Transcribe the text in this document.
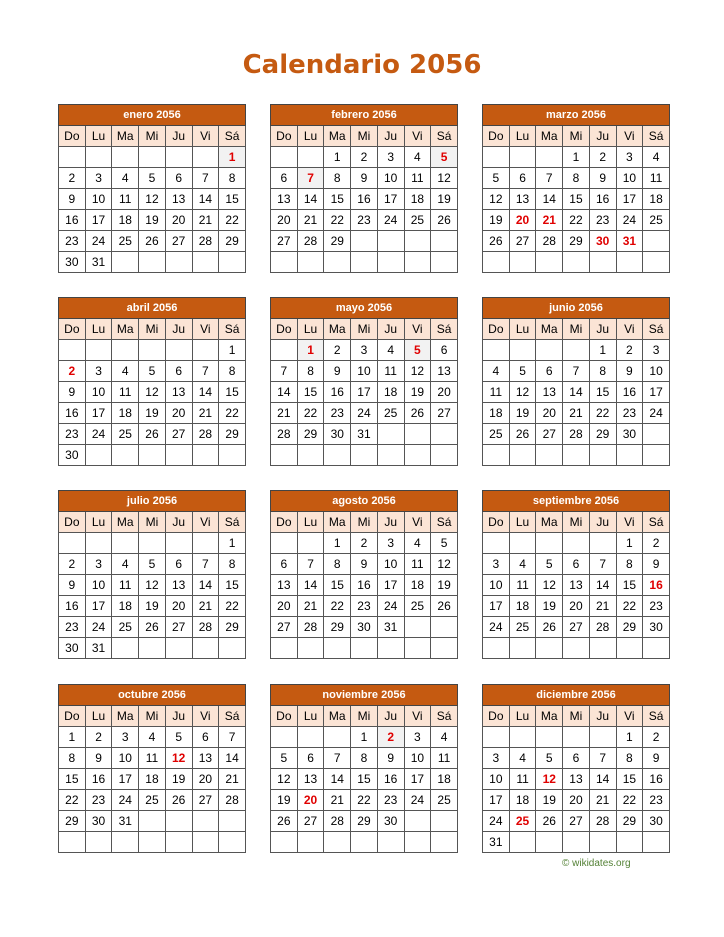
Calendario 2056
enero 2056						
Do	Lu	Ma	Mi	Ju	Vi	Sá
						1
2	3	4	5	6	7	8
9	10	11	12	13	14	15
16	17	18	19	20	21	22
23	24	25	26	27	28	29
30	31					
febrero 2056						
Do	Lu	Ma	Mi	Ju	Vi	Sá
		1	2	3	4	5
6	7	8	9	10	11	12
13	14	15	16	17	18	19
20	21	22	23	24	25	26
27	28	29				

marzo 2056						
Do	Lu	Ma	Mi	Ju	Vi	Sá
			1	2	3	4
5	6	7	8	9	10	11
12	13	14	15	16	17	18
19	20	21	22	23	24	25
26	27	28	29	30	31	

abril 2056						
Do	Lu	Ma	Mi	Ju	Vi	Sá
						1
2	3	4	5	6	7	8
9	10	11	12	13	14	15
16	17	18	19	20	21	22
23	24	25	26	27	28	29
30						
mayo 2056						
Do	Lu	Ma	Mi	Ju	Vi	Sá
	1	2	3	4	5	6
7	8	9	10	11	12	13
14	15	16	17	18	19	20
21	22	23	24	25	26	27
28	29	30	31			

junio 2056						
Do	Lu	Ma	Mi	Ju	Vi	Sá
				1	2	3
4	5	6	7	8	9	10
11	12	13	14	15	16	17
18	19	20	21	22	23	24
25	26	27	28	29	30	

julio 2056						
Do	Lu	Ma	Mi	Ju	Vi	Sá
						1
2	3	4	5	6	7	8
9	10	11	12	13	14	15
16	17	18	19	20	21	22
23	24	25	26	27	28	29
30	31					
agosto 2056						
Do	Lu	Ma	Mi	Ju	Vi	Sá
		1	2	3	4	5
6	7	8	9	10	11	12
13	14	15	16	17	18	19
20	21	22	23	24	25	26
27	28	29	30	31		

septiembre 2056						
Do	Lu	Ma	Mi	Ju	Vi	Sá
					1	2
3	4	5	6	7	8	9
10	11	12	13	14	15	16
17	18	19	20	21	22	23
24	25	26	27	28	29	30

octubre 2056						
Do	Lu	Ma	Mi	Ju	Vi	Sá
1	2	3	4	5	6	7
8	9	10	11	12	13	14
15	16	17	18	19	20	21
22	23	24	25	26	27	28
29	30	31				

noviembre 2056						
Do	Lu	Ma	Mi	Ju	Vi	Sá
			1	2	3	4
5	6	7	8	9	10	11
12	13	14	15	16	17	18
19	20	21	22	23	24	25
26	27	28	29	30		

diciembre 2056						
Do	Lu	Ma	Mi	Ju	Vi	Sá
					1	2
3	4	5	6	7	8	9
10	11	12	13	14	15	16
17	18	19	20	21	22	23
24	25	26	27	28	29	30
31						
© wikidates.org
